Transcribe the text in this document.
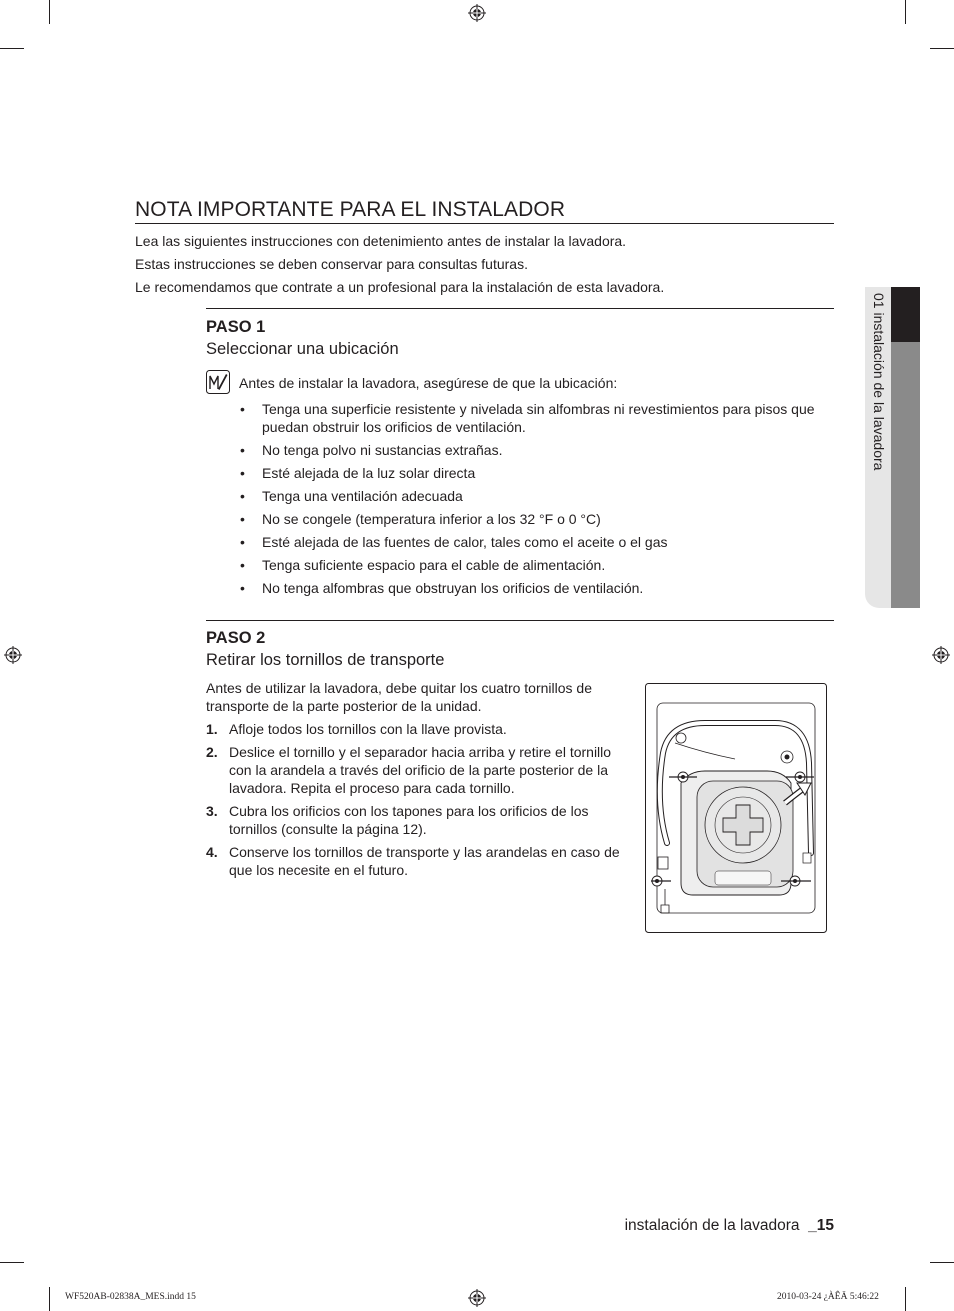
NOTA IMPORTANTE PARA EL INSTALADOR
Lea las siguientes instrucciones con detenimiento antes de instalar la lavadora.
Estas instrucciones se deben conservar para consultas futuras.
Le recomendamos que contrate a un profesional para la instalación de esta lavadora.
01 instalación de la lavadora
PASO 1
Seleccionar una ubicación
Antes de instalar la lavadora, asegúrese de que la ubicación:
• Tenga una superficie resistente y nivelada sin alfombras ni revestimientos para pisos que puedan obstruir los orificios de ventilación.
• No tenga polvo ni sustancias extrañas.
• Esté alejada de la luz solar directa
• Tenga una ventilación adecuada
• No se congele (temperatura inferior a los 32 °F o 0 °C)
• Esté alejada de las fuentes de calor, tales como el aceite o el gas
• Tenga suficiente espacio para el cable de alimentación.
• No tenga alfombras que obstruyan los orificios de ventilación.
PASO 2
Retirar los tornillos de transporte
Antes de utilizar la lavadora, debe quitar los cuatro tornillos de transporte de la parte posterior de la unidad.
1. Afloje todos los tornillos con la llave provista.
2. Deslice el tornillo y el separador hacia arriba y retire el tornillo con la arandela a través del orificio de la parte posterior de la lavadora. Repita el proceso para cada tornillo.
3. Cubra los orificios con los tapones para los orificios de los tornillos (consulte la página 12).
4. Conserve los tornillos de transporte y las arandelas en caso de que los necesite en el futuro.
instalación de la lavadora _15
WF520AB-02838A_MES.indd 15	2010-03-24 ¿ÀÊÄ 5:46:22
